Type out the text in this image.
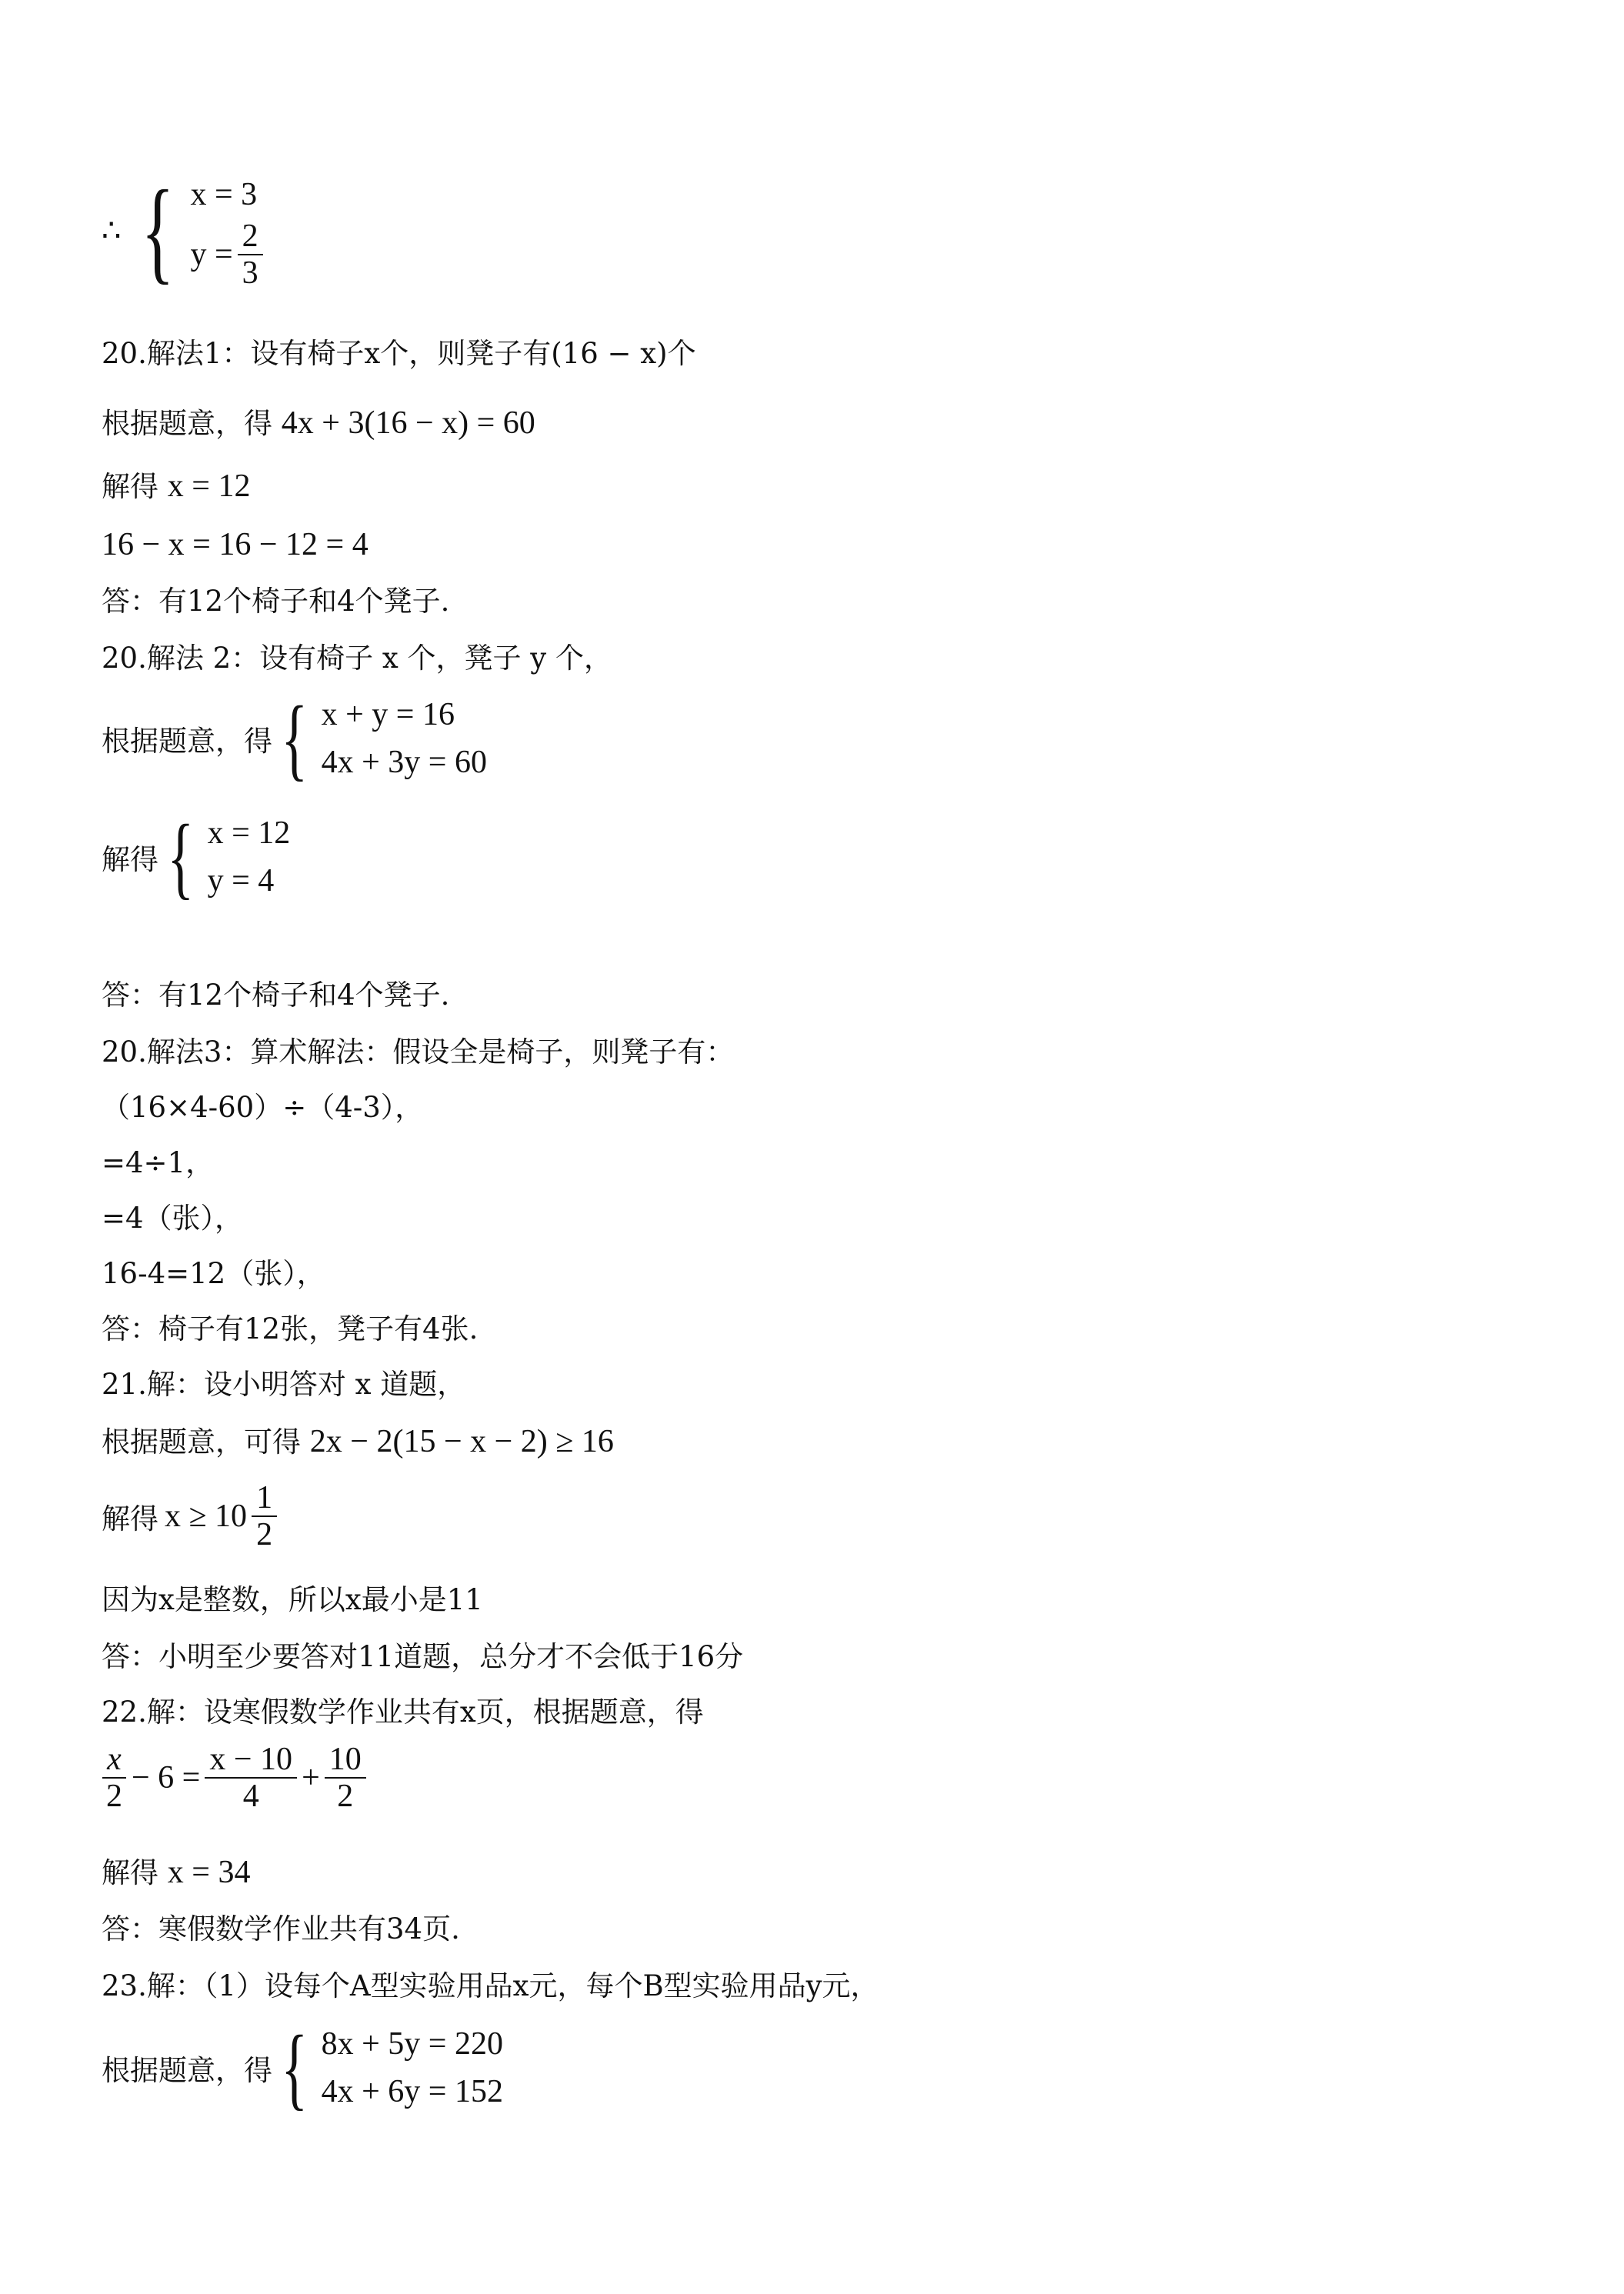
∴ { x = 3
$y = \frac{2}{3}$
20.解法1：设有椅子x个，则凳子有(16 − x)个
根据题意，得 4x + 3(16 − x) = 60
解得 x = 12
16 − x = 16 − 12 = 4
答：有12个椅子和4个凳子.
20.解法 2：设有椅子 x 个，凳子 y 个，
根据题意，得 { x + y = 16
4x + 3y = 60
解得 { x = 12
y = 4
答：有12个椅子和4个凳子.
20.解法3：算术解法：假设全是椅子，则凳子有：
（16×4-60）÷（4-3），
=4÷1，
=4（张），
16-4=12（张），
答：椅子有12张，凳子有4张.
21.解：设小明答对 x 道题，
根据题意，可得 2x − 2(15 − x − 2) ≥ 16
解得 $x \ge 10 \frac{1}{2}$
因为x是整数，所以x最小是11
答：小明至少要答对11道题，总分才不会低于16分
22.解：设寒假数学作业共有x页，根据题意，得
$\frac{x}{2} - 6 = \frac{x - 10}{4} + \frac{10}{2}$
解得 x = 34
答：寒假数学作业共有34页.
23.解：（1）设每个A型实验用品x元，每个B型实验用品y元，
根据题意，得 { 8x + 5y = 220
4x + 6y = 152
